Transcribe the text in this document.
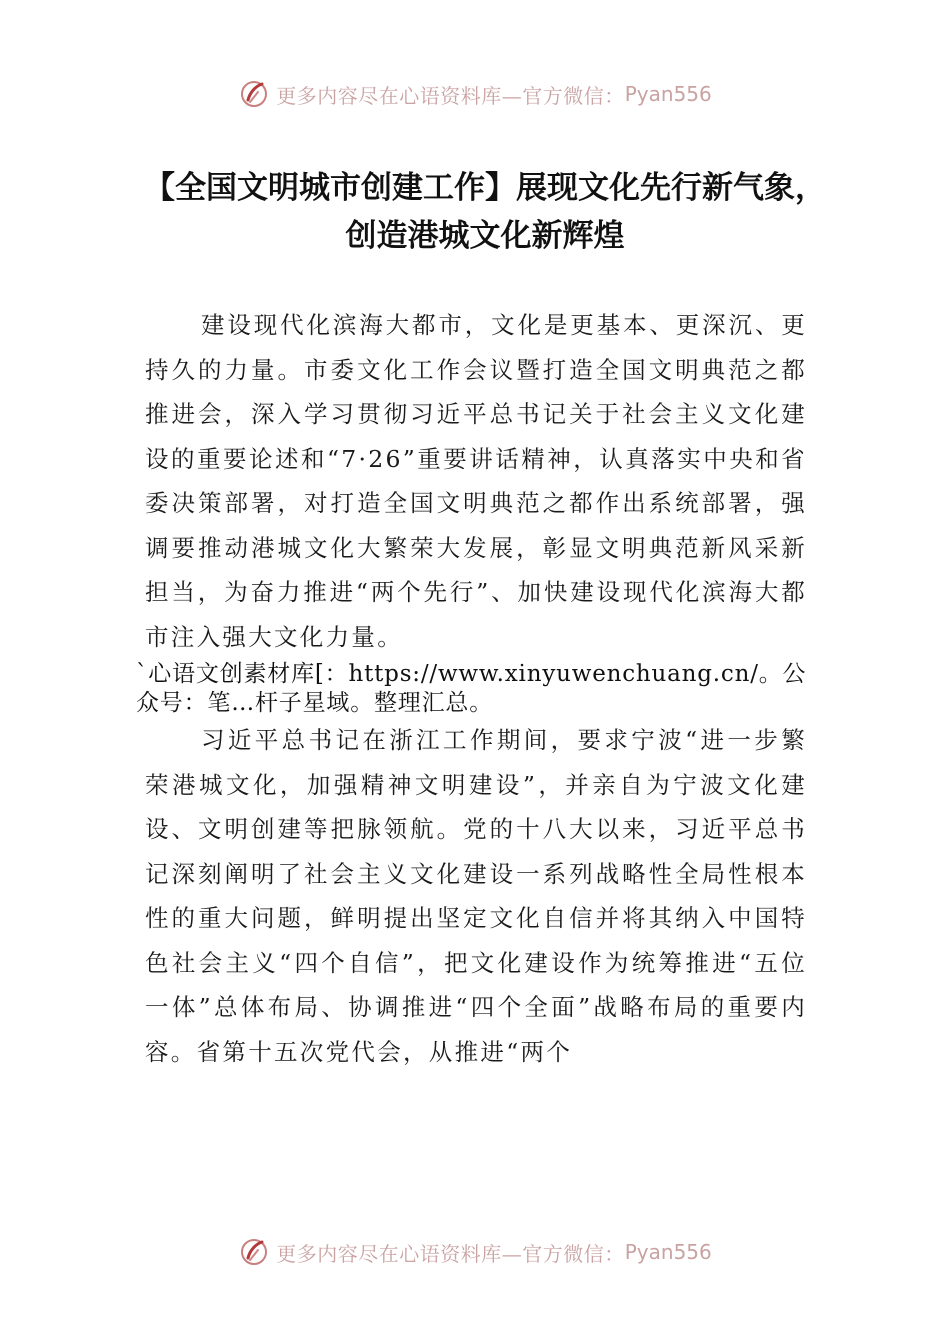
更多内容尽在心语资料库—官方微信： Pyan556
【全国文明城市创建工作】展现文化先行新气象，创造港城文化新辉煌

建设现代化滨海大都市，文化是更基本、更深沉、更持久的力量。市委文化工作会议暨打造全国文明典范之都推进会，深入学习贯彻习近平总书记关于社会主义文化建设的重要论述和“7·26”重要讲话精神，认真落实中央和省委决策部署，对打造全国文明典范之都作出系统部署，强调要推动港城文化大繁荣大发展，彰显文明典范新风采新担当，为奋力推进“两个先行”、加快建设现代化滨海大都市注入强大文化力量。

`心语文创素材库[：https://www.xinyuwenchuang.cn/。公众号：笔…杆子星域。整理汇总。

习近平总书记在浙江工作期间，要求宁波“进一步繁荣港城文化，加强精神文明建设”，并亲自为宁波文化建设、文明创建等把脉领航。党的十八大以来，习近平总书记深刻阐明了社会主义文化建设一系列战略性全局性根本性的重大问题，鲜明提出坚定文化自信并将其纳入中国特色社会主义“四个自信”，把文化建设作为统筹推进“五位一体”总体布局、协调推进“四个全面”战略布局的重要内容。省第十五次党代会，从推进“两个

更多内容尽在心语资料库—官方微信： Pyan556
